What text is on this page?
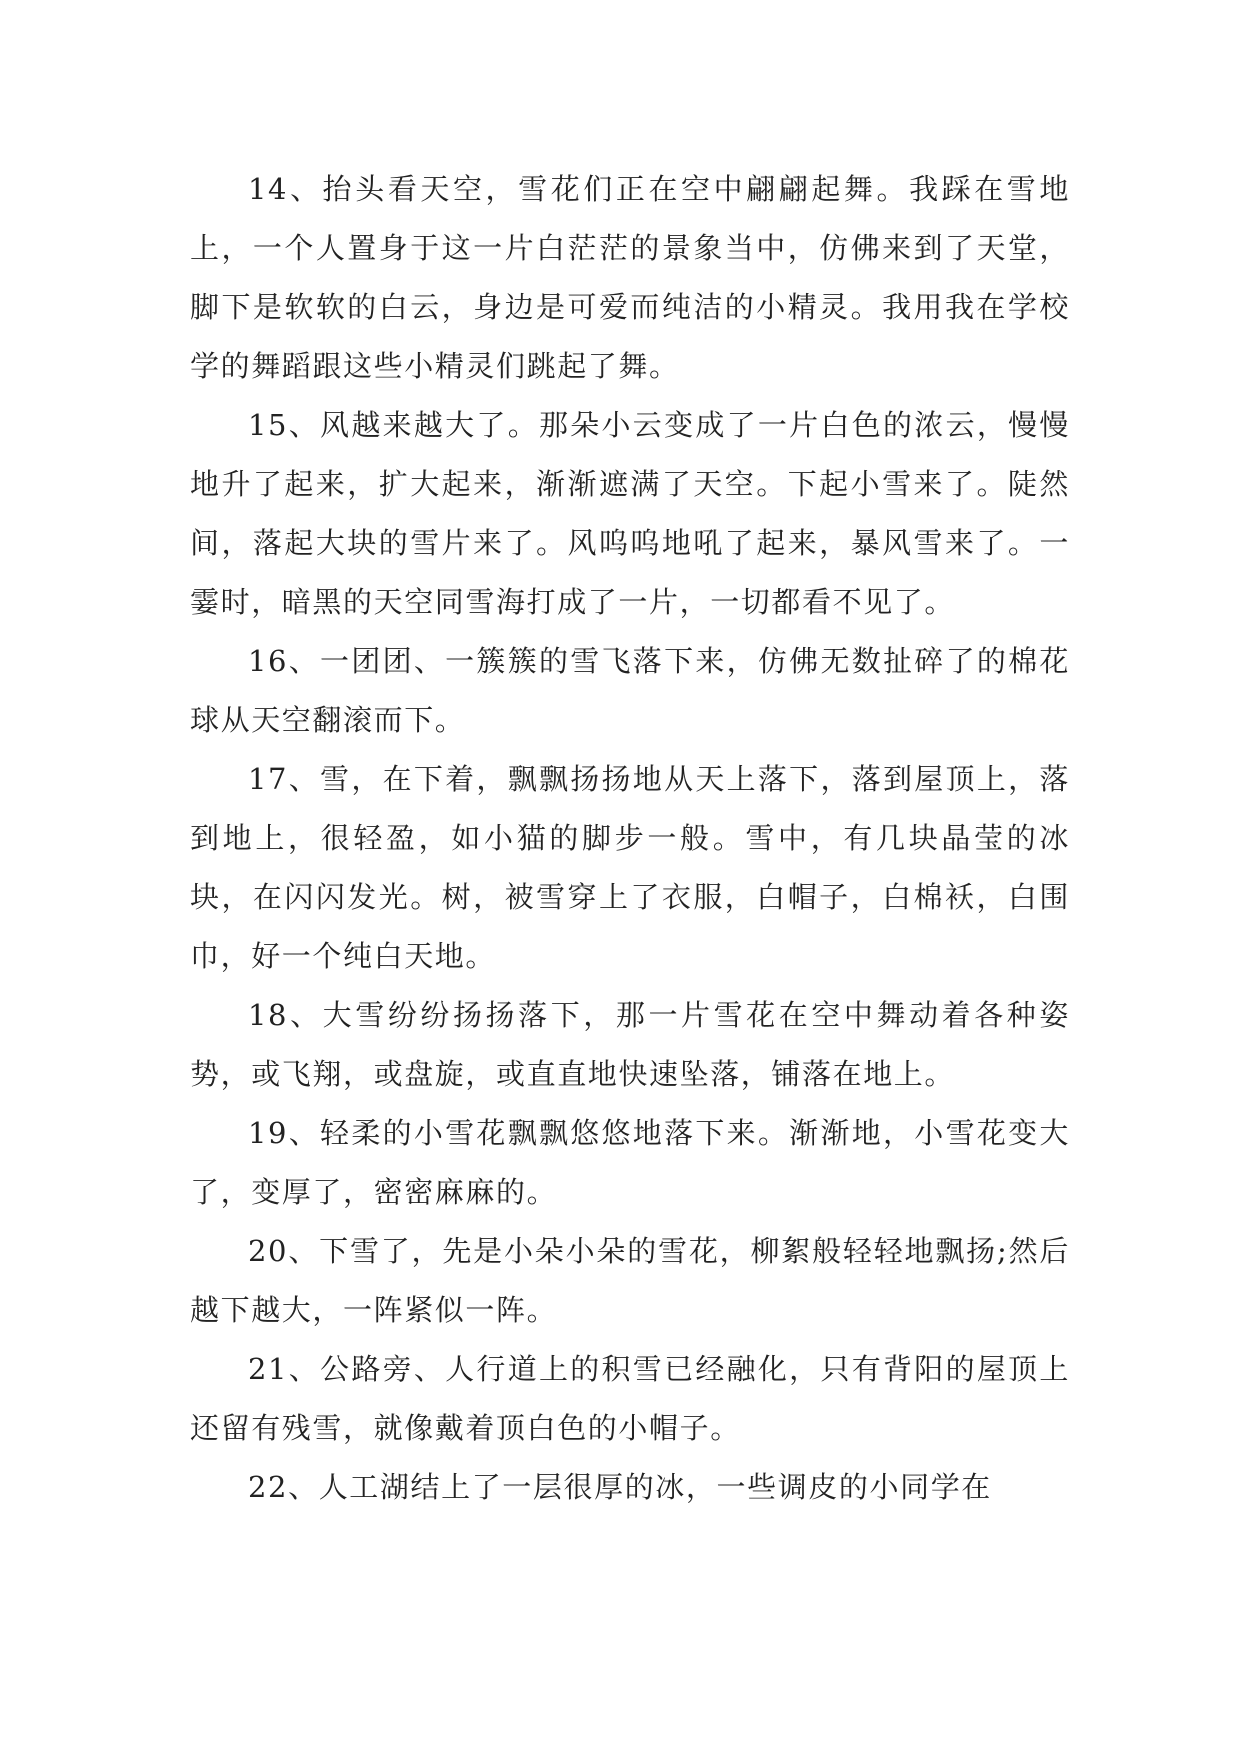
14、抬头看天空，雪花们正在空中翩翩起舞。我踩在雪地上，一个人置身于这一片白茫茫的景象当中，仿佛来到了天堂，脚下是软软的白云，身边是可爱而纯洁的小精灵。我用我在学校学的舞蹈跟这些小精灵们跳起了舞。

15、风越来越大了。那朵小云变成了一片白色的浓云，慢慢地升了起来，扩大起来，渐渐遮满了天空。下起小雪来了。陡然间，落起大块的雪片来了。风呜呜地吼了起来，暴风雪来了。一霎时，暗黑的天空同雪海打成了一片，一切都看不见了。

16、一团团、一簇簇的雪飞落下来，仿佛无数扯碎了的棉花球从天空翻滚而下。

17、雪，在下着，飘飘扬扬地从天上落下，落到屋顶上，落到地上，很轻盈，如小猫的脚步一般。雪中，有几块晶莹的冰块，在闪闪发光。树，被雪穿上了衣服，白帽子，白棉袄，白围巾，好一个纯白天地。

18、大雪纷纷扬扬落下，那一片雪花在空中舞动着各种姿势，或飞翔，或盘旋，或直直地快速坠落，铺落在地上。

19、轻柔的小雪花飘飘悠悠地落下来。渐渐地，小雪花变大了，变厚了，密密麻麻的。

20、下雪了，先是小朵小朵的雪花，柳絮般轻轻地飘扬;然后越下越大，一阵紧似一阵。

21、公路旁、人行道上的积雪已经融化，只有背阳的屋顶上还留有残雪，就像戴着顶白色的小帽子。

22、人工湖结上了一层很厚的冰，一些调皮的小同学在
